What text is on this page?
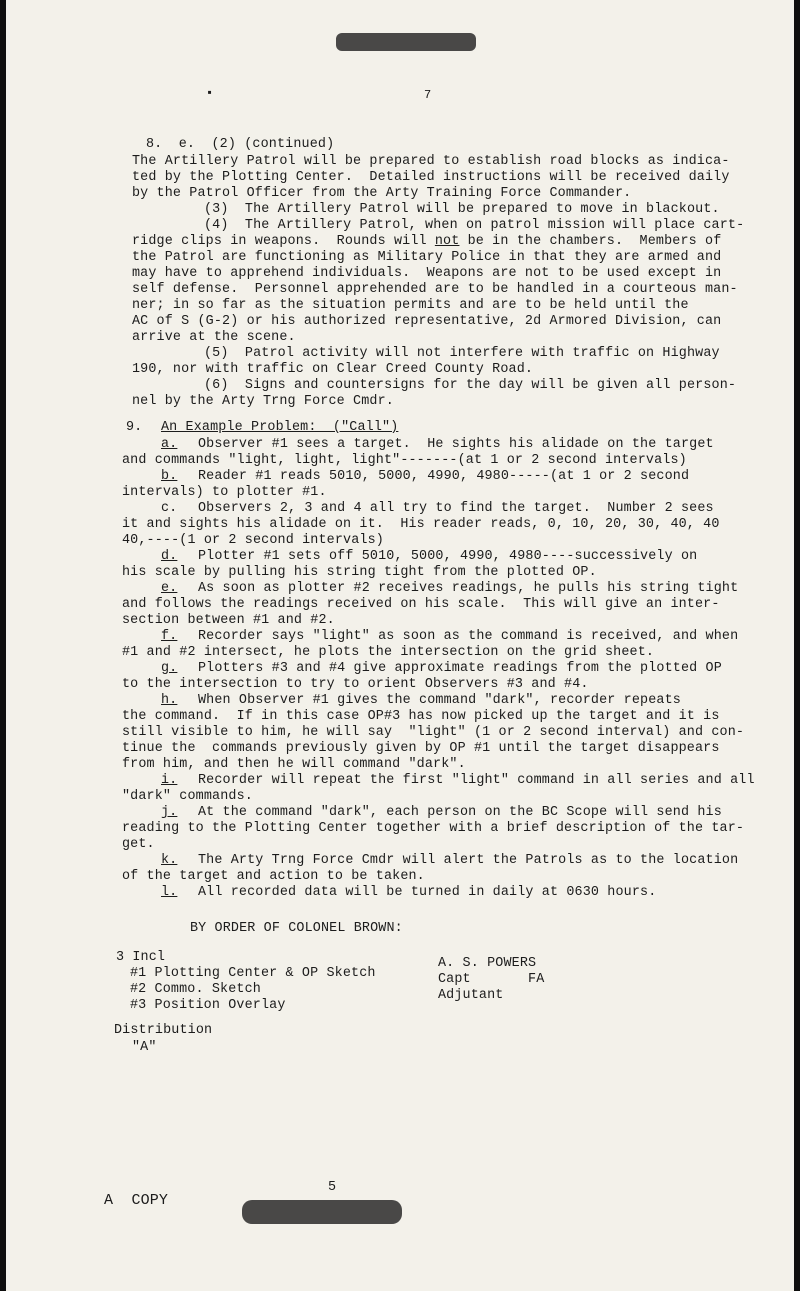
7
▪
8.  e.  (2) (continued)
The Artillery Patrol will be prepared to establish road blocks as indica-
ted by the Plotting Center.  Detailed instructions will be received daily
by the Patrol Officer from the Arty Training Force Commander.
(3)  The Artillery Patrol will be prepared to move in blackout.
(4)  The Artillery Patrol, when on patrol mission will place cart-
ridge clips in weapons.  Rounds will not be in the chambers.  Members of
the Patrol are functioning as Military Police in that they are armed and
may have to apprehend individuals.  Weapons are not to be used except in
self defense.  Personnel apprehended are to be handled in a courteous man-
ner; in so far as the situation permits and are to be held until the
AC of S (G-2) or his authorized representative, 2d Armored Division, can
arrive at the scene.
(5)  Patrol activity will not interfere with traffic on Highway
190, nor with traffic on Clear Creed County Road.
(6)  Signs and countersigns for the day will be given all person-
nel by the Arty Trng Force Cmdr.
9. An Example Problem:  ("Call")
a. Observer #1 sees a target.  He sights his alidade on the target
and commands "light, light, light"-------(at 1 or 2 second intervals)
b. Reader #1 reads 5010, 5000, 4990, 4980-----(at 1 or 2 second
intervals) to plotter #1.
c. Observers 2, 3 and 4 all try to find the target.  Number 2 sees
it and sights his alidade on it.  His reader reads, 0, 10, 20, 30, 40, 40
40,----(1 or 2 second intervals)
d. Plotter #1 sets off 5010, 5000, 4990, 4980----successively on
his scale by pulling his string tight from the plotted OP.
e. As soon as plotter #2 receives readings, he pulls his string tight
and follows the readings received on his scale.  This will give an inter-
section between #1 and #2.
f. Recorder says "light" as soon as the command is received, and when
#1 and #2 intersect, he plots the intersection on the grid sheet.
g. Plotters #3 and #4 give approximate readings from the plotted OP
to the intersection to try to orient Observers #3 and #4.
h. When Observer #1 gives the command "dark", recorder repeats
the command.  If in this case OP#3 has now picked up the target and it is
still visible to him, he will say  "light" (1 or 2 second interval) and con-
tinue the  commands previously given by OP #1 until the target disappears
from him, and then he will command "dark".
i. Recorder will repeat the first "light" command in all series and all
"dark" commands.
j. At the command "dark", each person on the BC Scope will send his
reading to the Plotting Center together with a brief description of the tar-
get.
k. The Arty Trng Force Cmdr will alert the Patrols as to the location
of the target and action to be taken.
l. All recorded data will be turned in daily at 0630 hours.
BY ORDER OF COLONEL BROWN:
3 Incl
#1 Plotting Center & OP Sketch
#2 Commo. Sketch
#3 Position Overlay
A. S. POWERS
Capt       FA
Adjutant
Distribution
"A"
A  COPY
5
